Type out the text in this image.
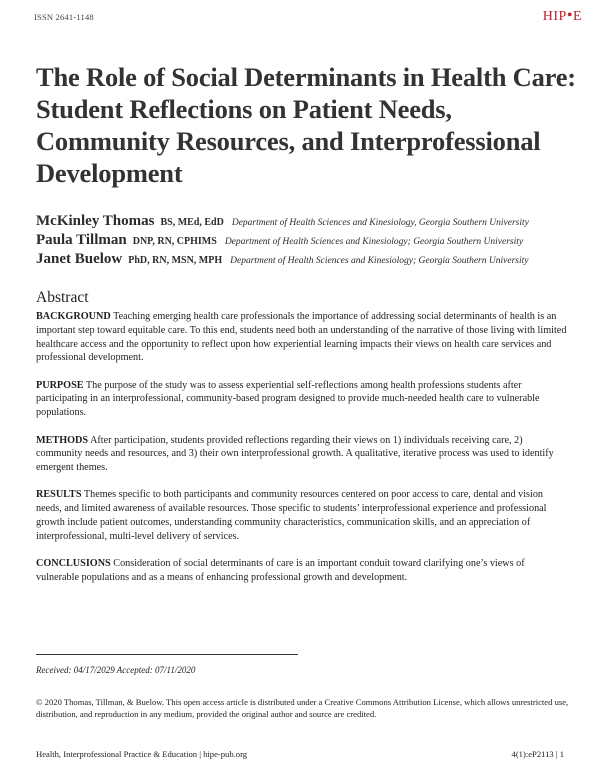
ISSN 2641-1148	HIP•E
The Role of Social Determinants in Health Care: Student Reflections on Patient Needs, Community Resources, and Interprofessional Development
McKinley Thomas BS, MEd, EdD Department of Health Sciences and Kinesiology, Georgia Southern University
Paula Tillman DNP, RN, CPHIMS Department of Health Sciences and Kinesiology; Georgia Southern University
Janet Buelow PhD, RN, MSN, MPH Department of Health Sciences and Kinesiology; Georgia Southern University
Abstract

BACKGROUND Teaching emerging health care professionals the importance of addressing social determinants of health is an important step toward equitable care. To this end, students need both an understanding of the narrative of those living with limited healthcare access and the opportunity to reflect upon how experiential learning impacts their views on health care services and professional development.

PURPOSE The purpose of the study was to assess experiential self-reflections among health professions students after participating in an interprofessional, community-based program designed to provide much-needed health care to vulnerable populations.

METHODS After participation, students provided reflections regarding their views on 1) individuals receiving care, 2) community needs and resources, and 3) their own interprofessional growth. A qualitative, iterative process was used to identify emergent themes.

RESULTS Themes specific to both participants and community resources centered on poor access to care, dental and vision needs, and limited awareness of available resources. Those specific to students’ interprofessional experience and professional growth include patient outcomes, understanding community characteristics, communication skills, and an appreciation of interprofessional, multi-level delivery of services.

CONCLUSIONS Consideration of social determinants of care is an important conduit toward clarifying one’s views of vulnerable populations and as a means of enhancing professional growth and development.

Received: 04/17/2029 Accepted: 07/11/2020

© 2020 Thomas, Tillman, & Buelow. This open access article is distributed under a Creative Commons Attribution License, which allows unrestricted use, distribution, and reproduction in any medium, provided the original author and source are credited.

Health, Interprofessional Practice & Education | hipe-pub.org	4(1):eP2113 | 1
